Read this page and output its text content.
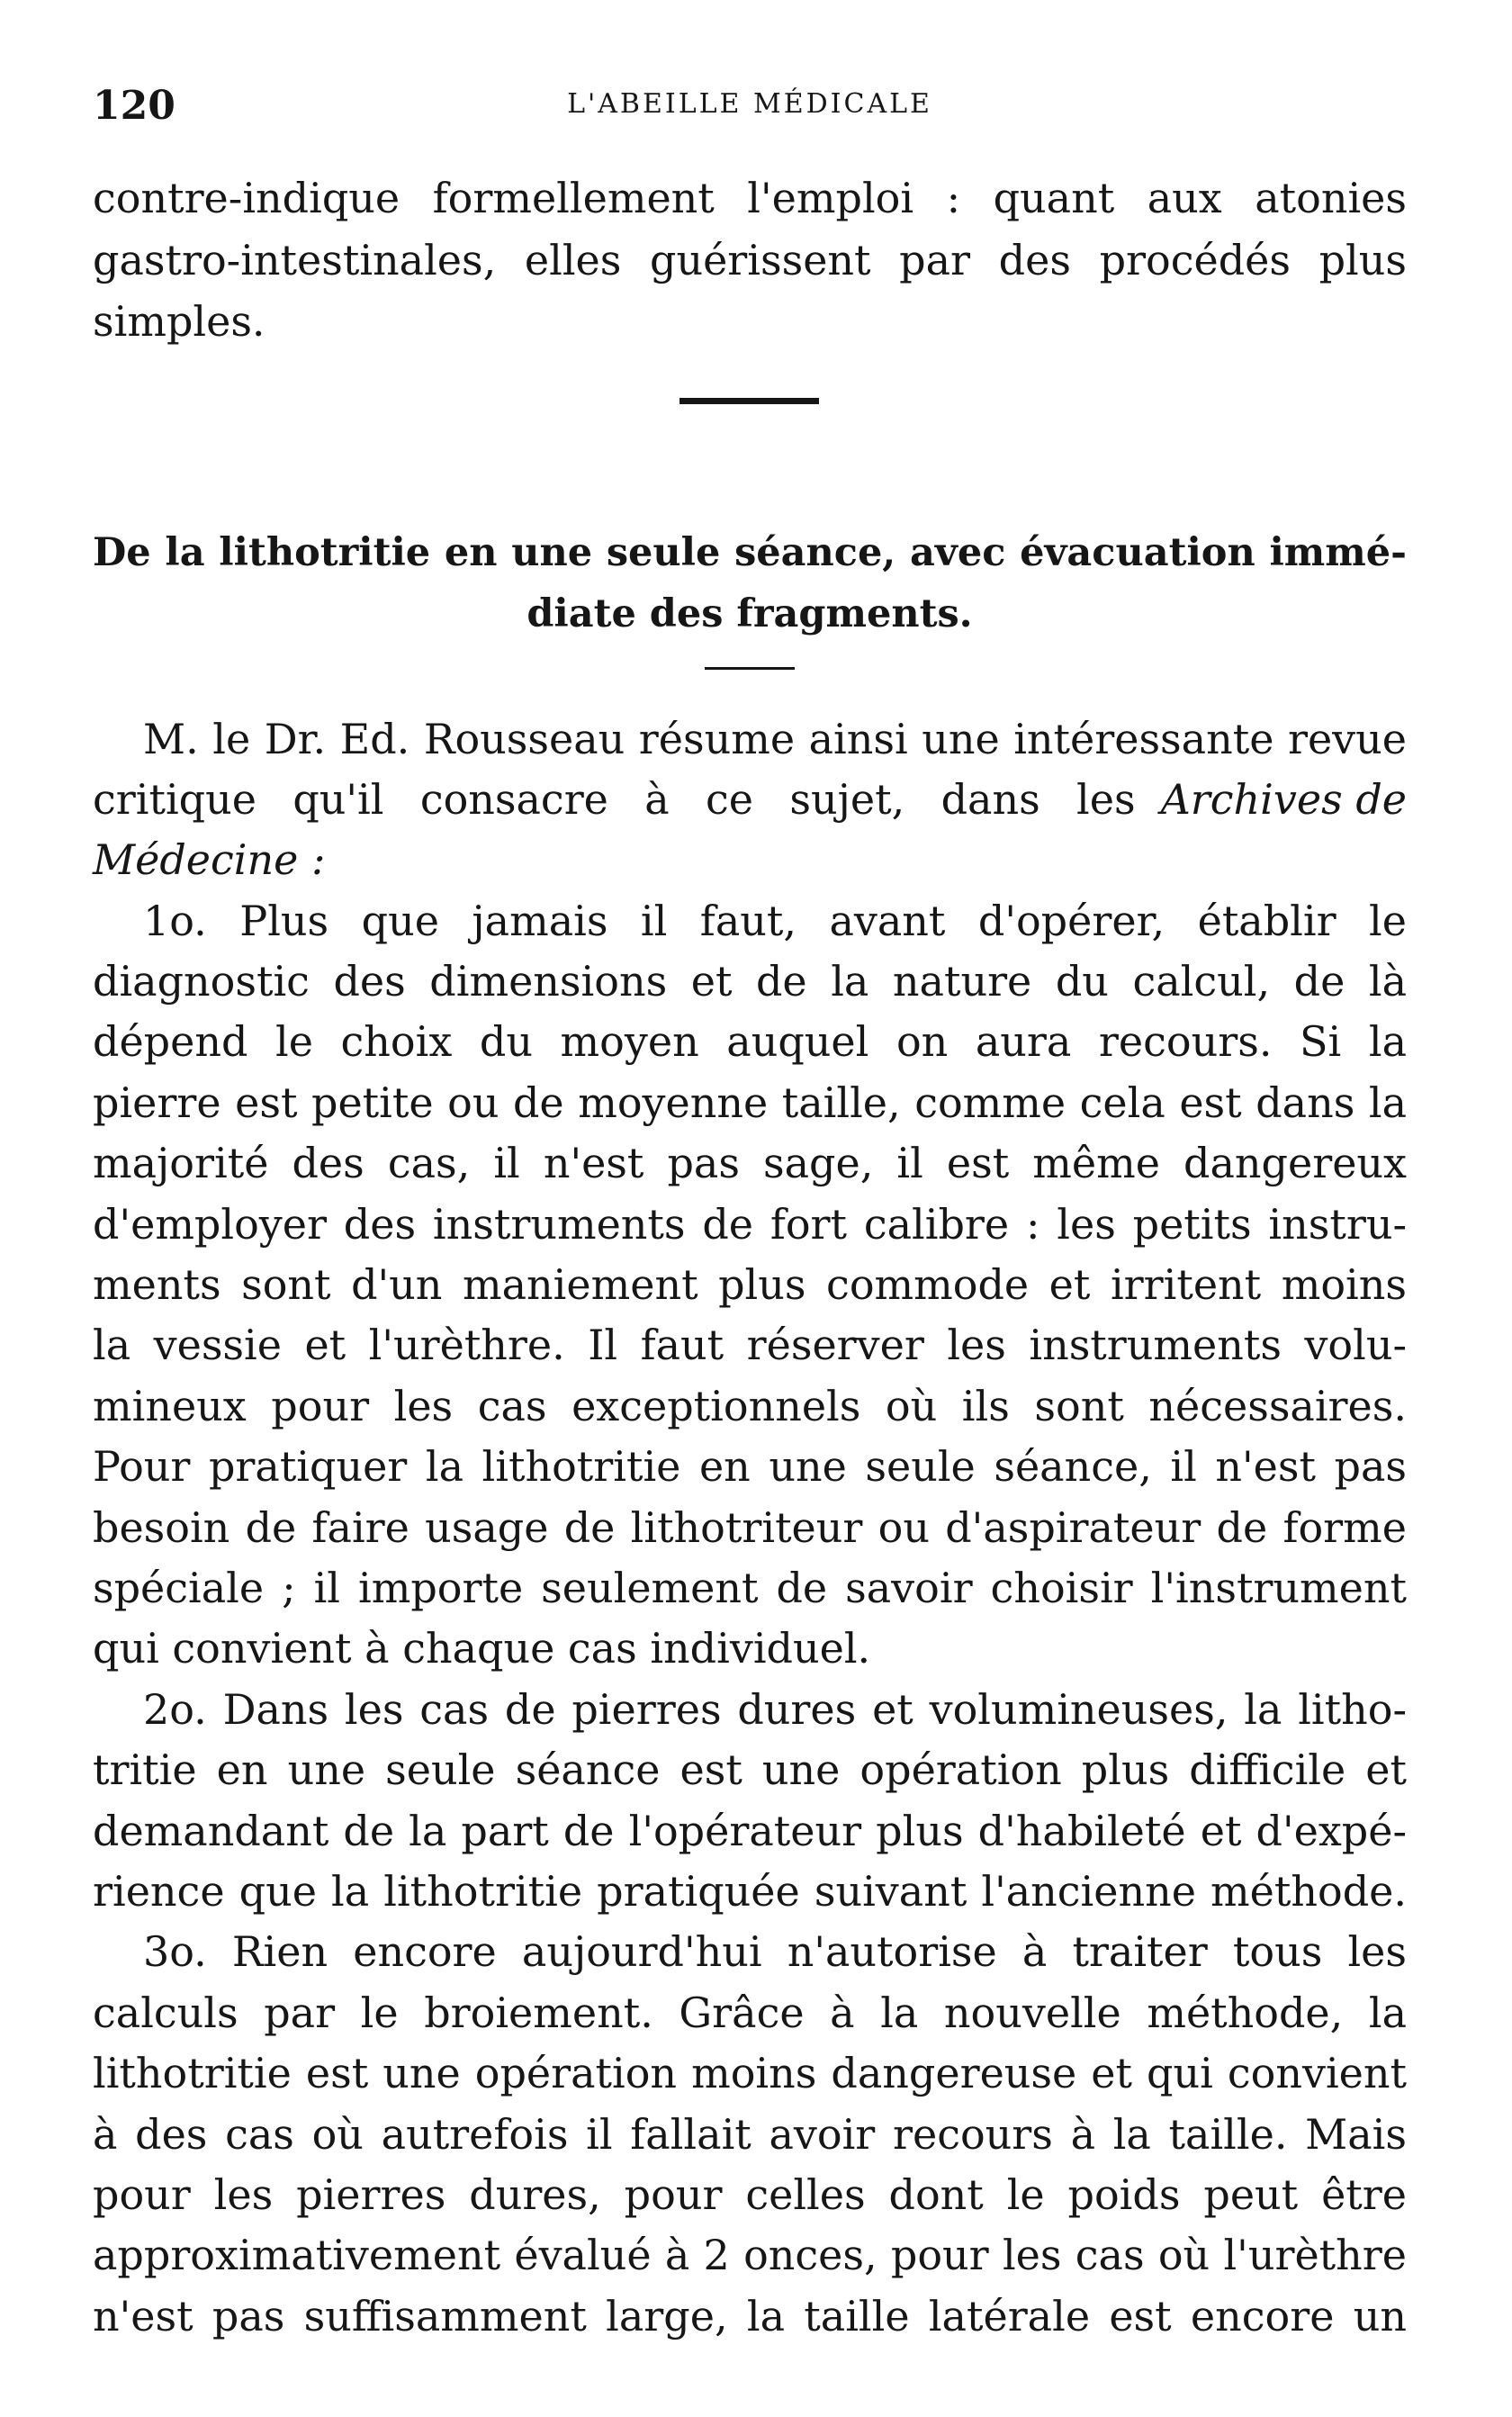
120	L'ABEILLE MÉDICALE
contre-indique formellement l'emploi : quant aux atonies
gastro-intestinales, elles guérissent par des procédés plus
simples.
De la lithotritie en une seule séance, avec évacuation immé-
diate des fragments.
M. le Dr. Ed. Rousseau résume ainsi une intéressante revue
critique qu'il consacre à ce sujet, dans les Archives de
Médecine :
1o. Plus que jamais il faut, avant d'opérer, établir le
diagnostic des dimensions et de la nature du calcul, de là
dépend le choix du moyen auquel on aura recours. Si la
pierre est petite ou de moyenne taille, comme cela est dans la
majorité des cas, il n'est pas sage, il est même dangereux
d'employer des instruments de fort calibre : les petits instru-
ments sont d'un maniement plus commode et irritent moins
la vessie et l'urèthre. Il faut réserver les instruments volu-
mineux pour les cas exceptionnels où ils sont nécessaires.
Pour pratiquer la lithotritie en une seule séance, il n'est pas
besoin de faire usage de lithotriteur ou d'aspirateur de forme
spéciale ; il importe seulement de savoir choisir l'instrument
qui convient à chaque cas individuel.
2o. Dans les cas de pierres dures et volumineuses, la litho-
tritie en une seule séance est une opération plus difficile et
demandant de la part de l'opérateur plus d'habileté et d'expé-
rience que la lithotritie pratiquée suivant l'ancienne méthode.
3o. Rien encore aujourd'hui n'autorise à traiter tous les
calculs par le broiement. Grâce à la nouvelle méthode, la
lithotritie est une opération moins dangereuse et qui convient
à des cas où autrefois il fallait avoir recours à la taille. Mais
pour les pierres dures, pour celles dont le poids peut être
approximativement évalué à 2 onces, pour les cas où l'urèthre
n'est pas suffisamment large, la taille latérale est encore un
